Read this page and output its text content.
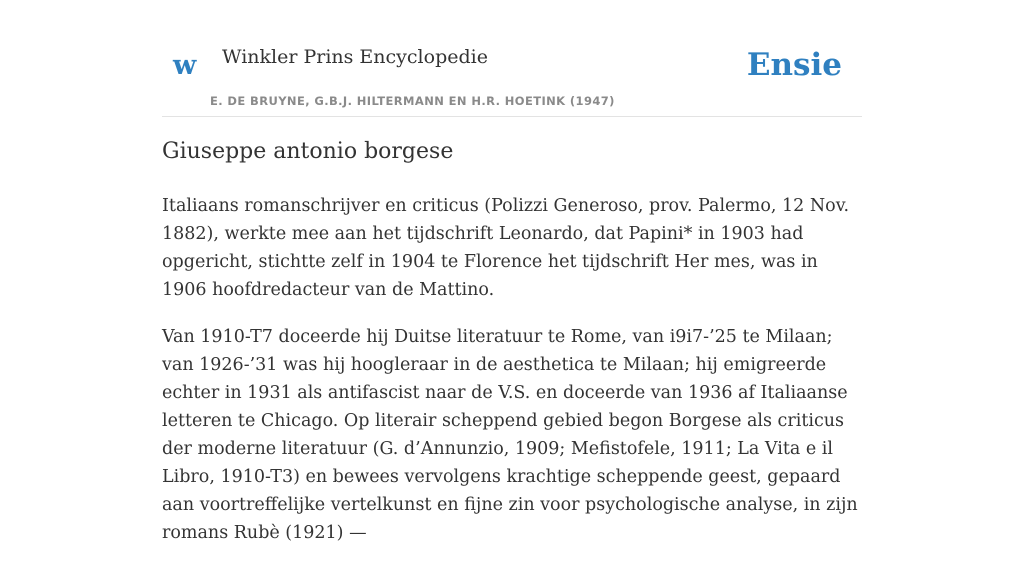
w Winkler Prins Encyclopedie
E. DE BRUYNE, G.B.J. HILTERMANN EN H.R. HOETINK (1947)
Ensie
Giuseppe antonio borgese

Italiaans romanschrijver en criticus (Polizzi Generoso, prov. Palermo, 12 Nov. 1882), werkte mee aan het tijdschrift Leonardo, dat Papini* in 1903 had opgericht, stichtte zelf in 1904 te Florence het tijdschrift Her mes, was in 1906 hoofdredacteur van de Mattino.

Van 1910-T7 doceerde hij Duitse literatuur te Rome, van i9i7-’25 te Milaan; van 1926-’31 was hij hoogleraar in de aesthetica te Milaan; hij emigreerde echter in 1931 als antifascist naar de V.S. en doceerde van 1936 af Italiaanse letteren te Chicago. Op literair scheppend gebied begon Borgese als criticus der moderne literatuur (G. d’Annunzio, 1909; Mefistofele, 1911; La Vita e il Libro, 1910-T3) en bewees vervolgens krachtige scheppende geest, gepaard aan voortreffelijke vertelkunst en fijne zin voor psychologische analyse, in zijn romans Rubè (1921) —
